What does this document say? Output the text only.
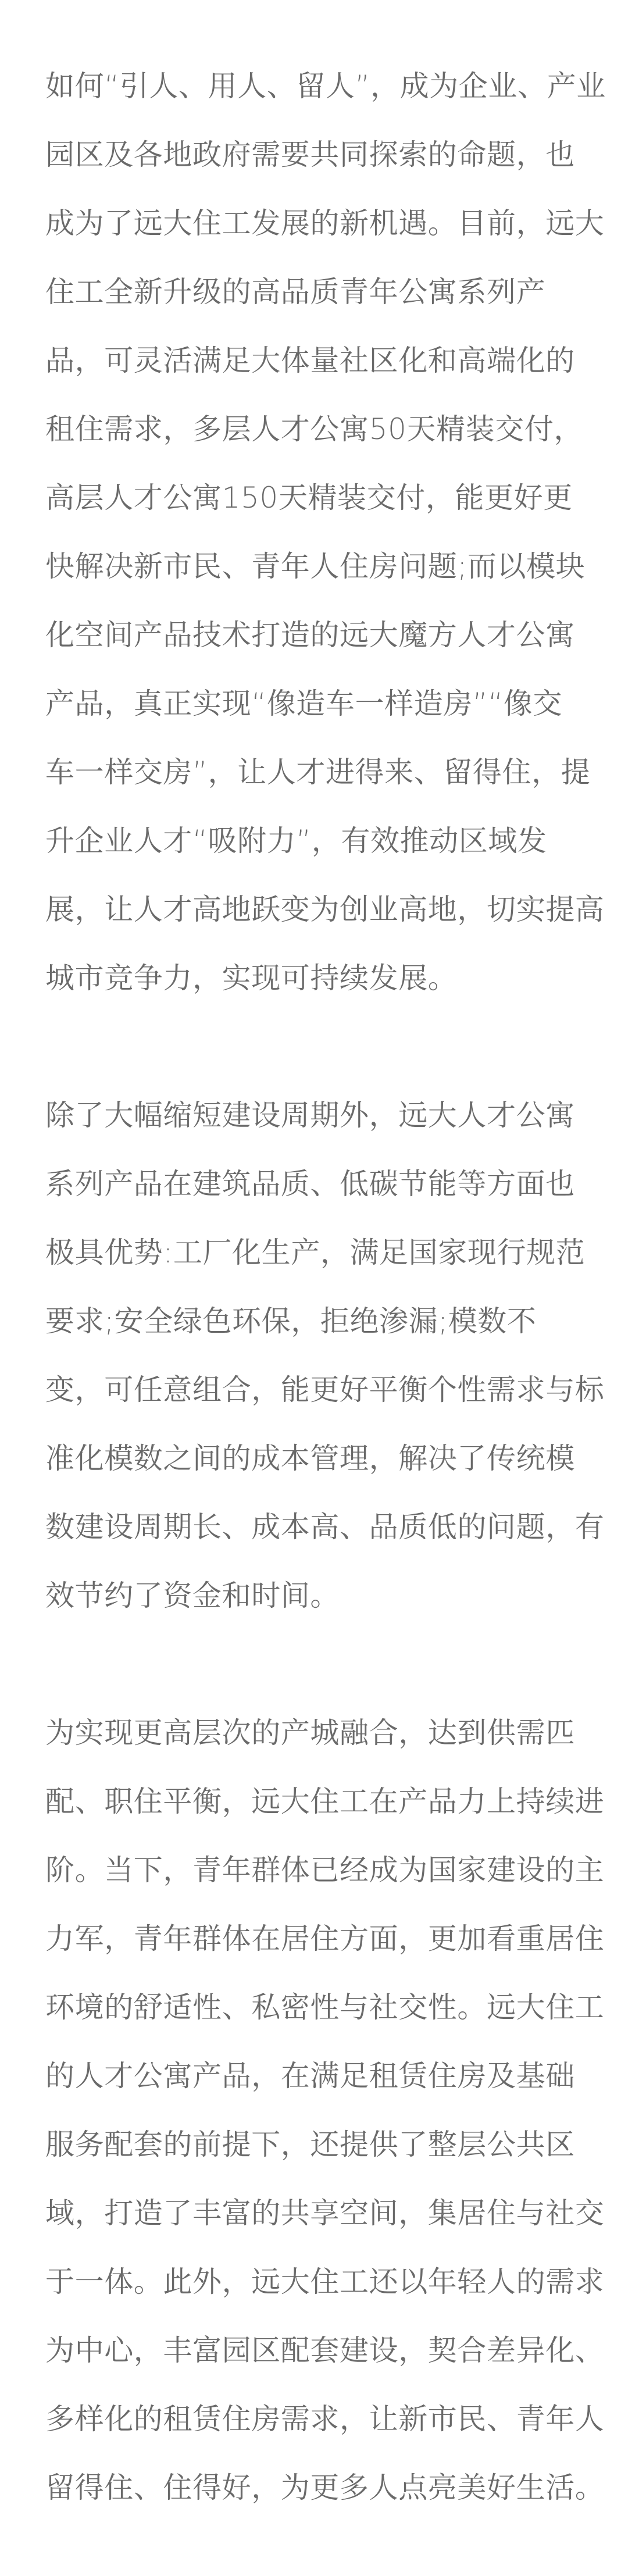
如何“引人、用人、留人”，成为企业、产业
园区及各地政府需要共同探索的命题，也
成为了远大住工发展的新机遇。目前，远大
住工全新升级的高品质青年公寓系列产
品，可灵活满足大体量社区化和高端化的
租住需求，多层人才公寓50天精装交付，
高层人才公寓150天精装交付，能更好更
快解决新市民、青年人住房问题;而以模块
化空间产品技术打造的远大魔方人才公寓
产品，真正实现“像造车一样造房”“像交
车一样交房”，让人才进得来、留得住，提
升企业人才“吸附力”，有效推动区域发
展，让人才高地跃变为创业高地，切实提高
城市竞争力，实现可持续发展。

除了大幅缩短建设周期外，远大人才公寓
系列产品在建筑品质、低碳节能等方面也
极具优势:工厂化生产，满足国家现行规范
要求;安全绿色环保，拒绝渗漏;模数不
变，可任意组合，能更好平衡个性需求与标
准化模数之间的成本管理，解决了传统模
数建设周期长、成本高、品质低的问题，有
效节约了资金和时间。

为实现更高层次的产城融合，达到供需匹
配、职住平衡，远大住工在产品力上持续进
阶。当下，青年群体已经成为国家建设的主
力军，青年群体在居住方面，更加看重居住
环境的舒适性、私密性与社交性。远大住工
的人才公寓产品，在满足租赁住房及基础
服务配套的前提下，还提供了整层公共区
域，打造了丰富的共享空间，集居住与社交
于一体。此外，远大住工还以年轻人的需求
为中心，丰富园区配套建设，契合差异化、
多样化的租赁住房需求，让新市民、青年人
留得住、住得好，为更多人点亮美好生活。
